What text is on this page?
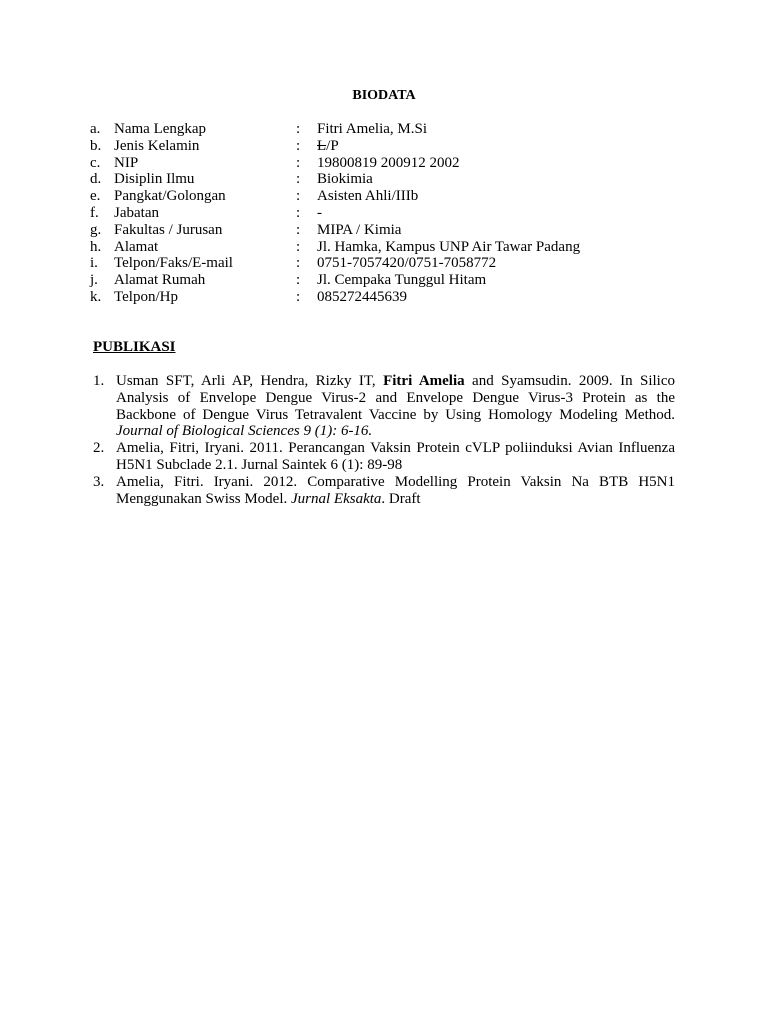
BIODATA
a. Nama Lengkap	: Fitri Amelia, M.Si
b. Jenis Kelamin	: L/P
c. NIP	: 19800819 200912 2002
d. Disiplin Ilmu	: Biokimia
e. Pangkat/Golongan	: Asisten Ahli/IIIb
f. Jabatan	: -
g. Fakultas / Jurusan	: MIPA / Kimia
h. Alamat	: Jl. Hamka, Kampus UNP Air Tawar Padang
i. Telpon/Faks/E-mail	: 0751-7057420/0751-7058772
j. Alamat Rumah	: Jl. Cempaka Tunggul Hitam
k. Telpon/Hp	: 085272445639
PUBLIKASI
1. Usman SFT, Arli AP, Hendra, Rizky IT, Fitri Amelia and Syamsudin. 2009. In Silico Analysis of Envelope Dengue Virus-2 and Envelope Dengue Virus-3 Protein as the Backbone of Dengue Virus Tetravalent Vaccine by Using Homology Modeling Method. Journal of Biological Sciences 9 (1): 6-16.
2. Amelia, Fitri, Iryani. 2011. Perancangan Vaksin Protein cVLP poliinduksi Avian Influenza H5N1 Subclade 2.1. Jurnal Saintek 6 (1): 89-98
3. Amelia, Fitri. Iryani. 2012. Comparative Modelling Protein Vaksin Na BTB H5N1 Menggunakan Swiss Model. Jurnal Eksakta. Draft
